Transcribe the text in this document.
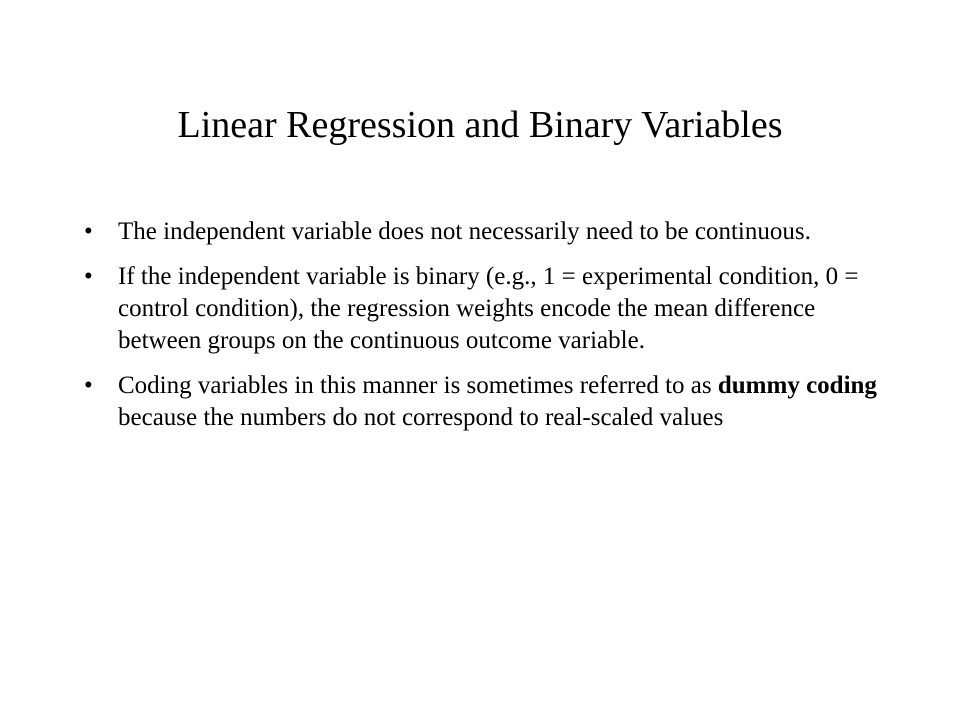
Linear Regression and Binary Variables
• The independent variable does not necessarily need to be continuous.
• If the independent variable is binary (e.g., 1 = experimental condition, 0 = control condition), the regression weights encode the mean difference between groups on the continuous outcome variable.
• Coding variables in this manner is sometimes referred to as dummy coding because the numbers do not correspond to real-scaled values
